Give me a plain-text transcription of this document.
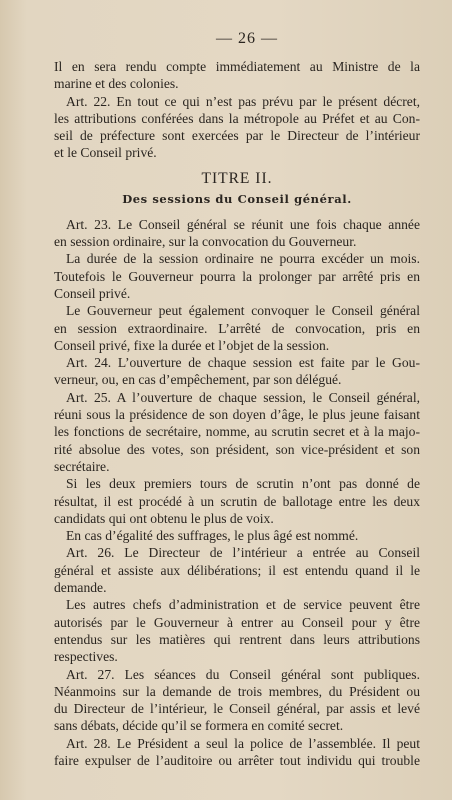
— 26 —

Il en sera rendu compte immédiatement au Ministre de la
marine et des colonies.

Art. 22. En tout ce qui n’est pas prévu par le présent décret,
les attributions conférées dans la métropole au Préfet et au Con-
seil de préfecture sont exercées par le Directeur de l’intérieur
et le Conseil privé.

TITRE II.
Des sessions du Conseil général.

Art. 23. Le Conseil général se réunit une fois chaque année
en session ordinaire, sur la convocation du Gouverneur.

La durée de la session ordinaire ne pourra excéder un mois.
Toutefois le Gouverneur pourra la prolonger par arrêté pris en
Conseil privé.

Le Gouverneur peut également convoquer le Conseil général
en session extraordinaire. L’arrêté de convocation, pris en
Conseil privé, fixe la durée et l’objet de la session.

Art. 24. L’ouverture de chaque session est faite par le Gou-
verneur, ou, en cas d’empêchement, par son délégué.

Art. 25. A l’ouverture de chaque session, le Conseil général,
réuni sous la présidence de son doyen d’âge, le plus jeune faisant
les fonctions de secrétaire, nomme, au scrutin secret et à la majo-
rité absolue des votes, son président, son vice-président et son
secrétaire.

Si les deux premiers tours de scrutin n’ont pas donné de
résultat, il est procédé à un scrutin de ballotage entre les deux
candidats qui ont obtenu le plus de voix.

En cas d’égalité des suffrages, le plus âgé est nommé.

Art. 26. Le Directeur de l’intérieur a entrée au Conseil
général et assiste aux délibérations; il est entendu quand il le
demande.

Les autres chefs d’administration et de service peuvent être
autorisés par le Gouverneur à entrer au Conseil pour y être
entendus sur les matières qui rentrent dans leurs attributions
respectives.

Art. 27. Les séances du Conseil général sont publiques.
Néanmoins sur la demande de trois membres, du Président ou
du Directeur de l’intérieur, le Conseil général, par assis et levé
sans débats, décide qu’il se formera en comité secret.

Art. 28. Le Président a seul la police de l’assemblée. Il peut
faire expulser de l’auditoire ou arrêter tout individu qui trouble
